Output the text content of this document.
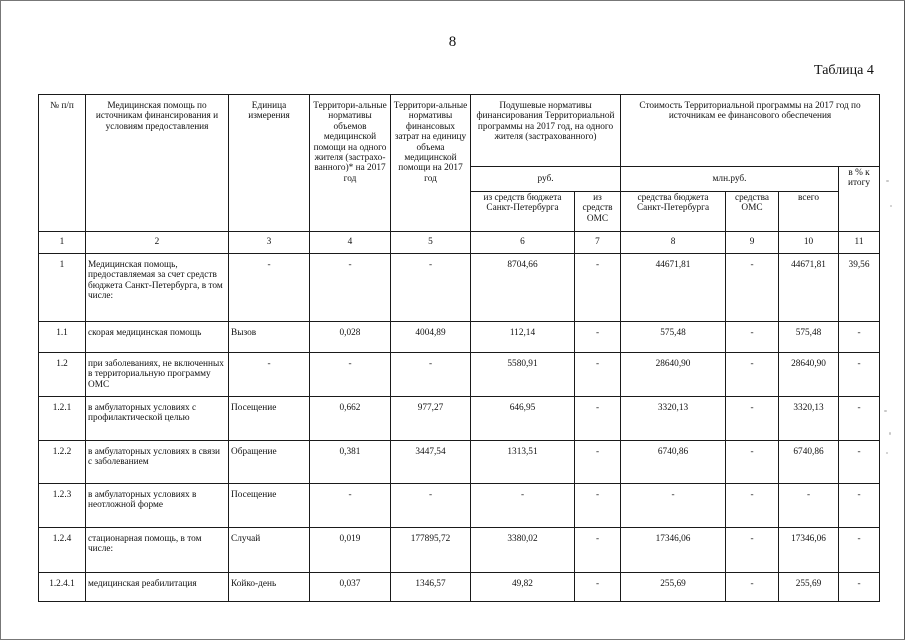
8
Таблица 4
№ п/п	Медицинская помощь по источникам финансирования и условиям предоставления	Единица измерения	Территори-альные нормативы объемов медицинской помощи на одного жителя (застрахо-ванного)* на 2017 год	Территори-альные нормативы финансовых затрат на единицу объема медицинской помощи на 2017 год	Подушевые нормативы финансирования Территориальной программы на 2017 год, на одного жителя (застрахованного)		Стоимость Территориальной программы на 2017 год по источникам ее финансового обеспечения			
					руб.		млн.руб.			в % к итогу
					из средств бюджета Санкт-Петербурга	из средств ОМС	средства бюджета Санкт-Петербурга	средства ОМС	всего	
1	2	3	4	5	6	7	8	9	10	11
1	Медицинская помощь, предоставляемая за счет средств бюджета Санкт-Петербурга, в том числе:	-	-	-	8704,66	-	44671,81	-	44671,81	39,56
1.1	скорая медицинская помощь	Вызов	0,028	4004,89	112,14	-	575,48	-	575,48	-
1.2	при заболеваниях, не включенных в территориальную программу ОМС	-	-	-	5580,91	-	28640,90	-	28640,90	-
1.2.1	в амбулаторных условиях с профилактической целью	Посещение	0,662	977,27	646,95	-	3320,13	-	3320,13	-
1.2.2	в амбулаторных условиях в связи с заболеванием	Обращение	0,381	3447,54	1313,51	-	6740,86	-	6740,86	-
1.2.3	в амбулаторных условиях в неотложной форме	Посещение	-	-	-	-	-	-	-	-
1.2.4	стационарная помощь, в том числе:	Случай	0,019	177895,72	3380,02	-	17346,06	-	17346,06	-
1.2.4.1	медицинская реабилитация	Койко-день	0,037	1346,57	49,82	-	255,69	-	255,69	-
